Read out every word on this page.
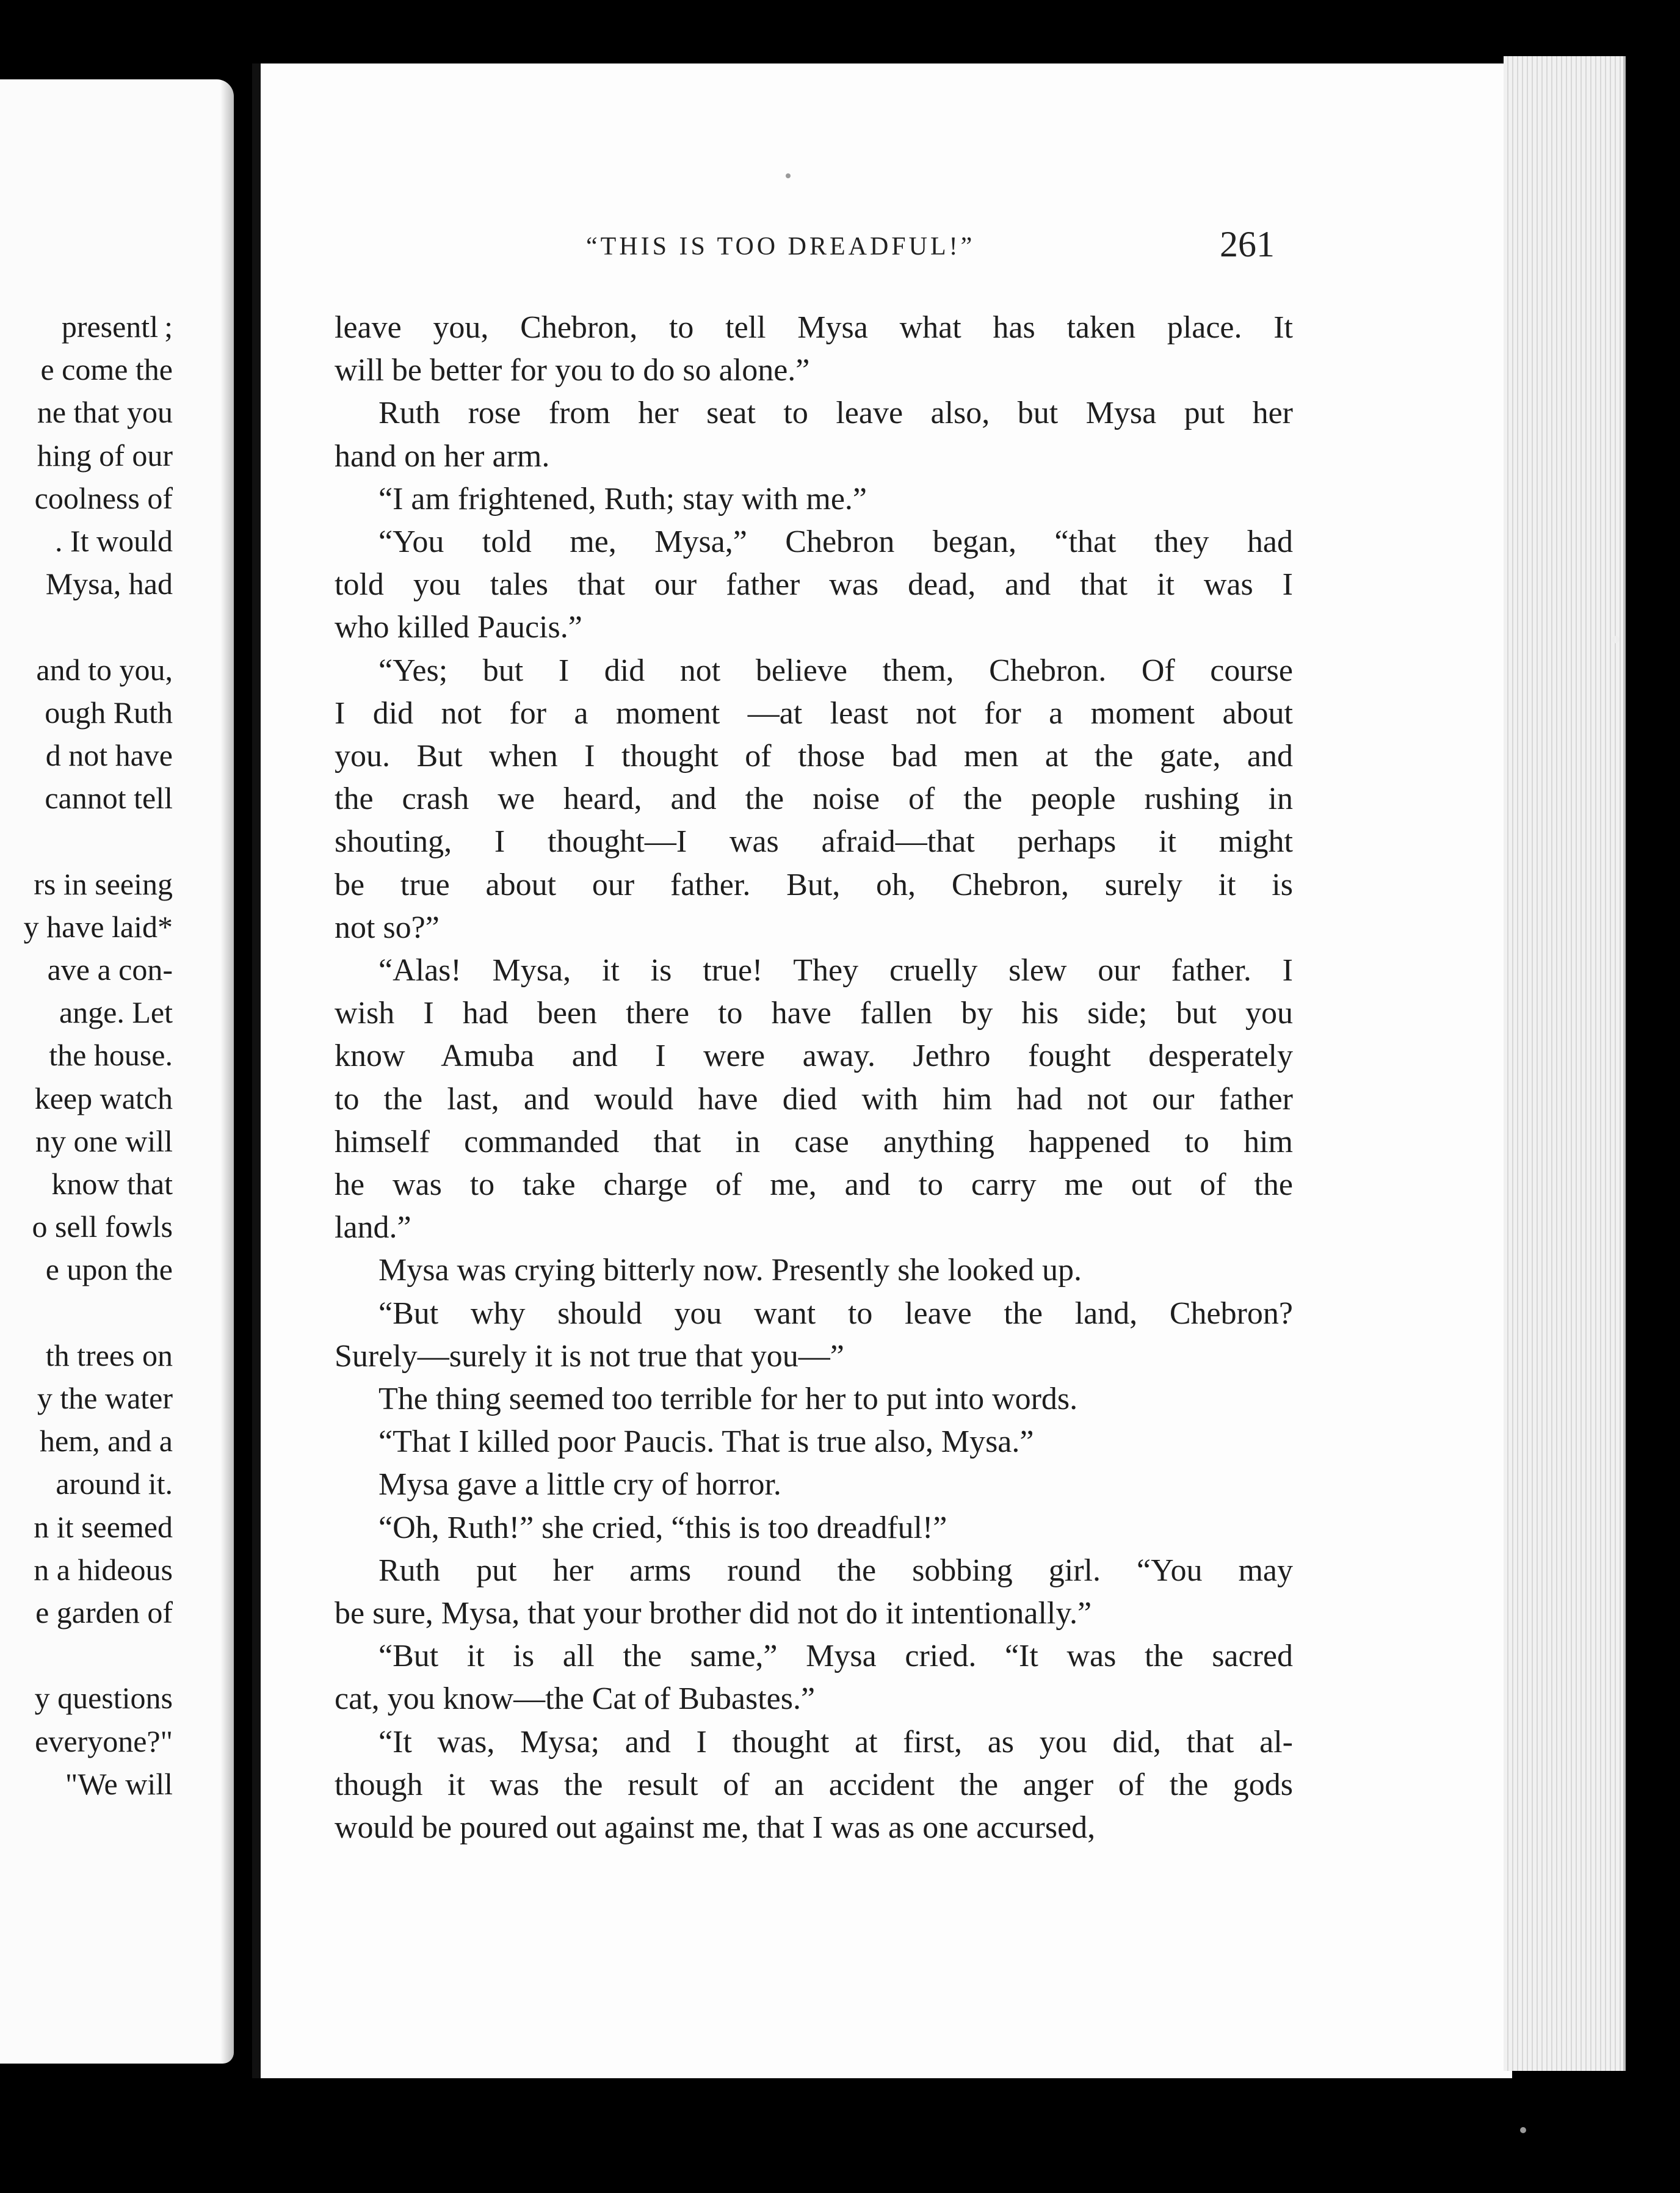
presentl ;
e come the
ne that you
hing of our
coolness of
. It would
Mysa, had
and to you,
ough Ruth
d not have
cannot tell
rs in seeing
y have laid*
ave a con-
ange. Let
the house.
keep watch
ny one will
know that
o sell fowls
e upon the
th trees on
y the water
hem, and a
around it.
n it seemed
n a hideous
e garden of
y questions
everyone?"
"We will
“THIS IS TOO DREADFUL!”	261
leave you, Chebron, to tell Mysa what has taken place. It
will be better for you to do so alone.”
Ruth rose from her seat to leave also, but Mysa put her
hand on her arm.
“I am frightened, Ruth; stay with me.”
“You told me, Mysa,” Chebron began, “that they had
told you tales that our father was dead, and that it was I
who killed Paucis.”
“Yes; but I did not believe them, Chebron. Of course
I did not for a moment —at least not for a moment about
you. But when I thought of those bad men at the gate, and
the crash we heard, and the noise of the people rushing in
shouting, I thought—I was afraid—that perhaps it might
be true about our father. But, oh, Chebron, surely it is
not so?”
“Alas! Mysa, it is true! They cruelly slew our father. I
wish I had been there to have fallen by his side; but you
know Amuba and I were away. Jethro fought desperately
to the last, and would have died with him had not our father
himself commanded that in case anything happened to him
he was to take charge of me, and to carry me out of the
land.”
Mysa was crying bitterly now. Presently she looked up.
“But why should you want to leave the land, Chebron?
Surely—surely it is not true that you—”
The thing seemed too terrible for her to put into words.
“That I killed poor Paucis. That is true also, Mysa.”
Mysa gave a little cry of horror.
“Oh, Ruth!” she cried, “this is too dreadful!”
Ruth put her arms round the sobbing girl. “You may
be sure, Mysa, that your brother did not do it intentionally.”
“But it is all the same,” Mysa cried. “It was the sacred
cat, you know—the Cat of Bubastes.”
“It was, Mysa; and I thought at first, as you did, that al-
though it was the result of an accident the anger of the gods
would be poured out against me, that I was as one accursed,
•
